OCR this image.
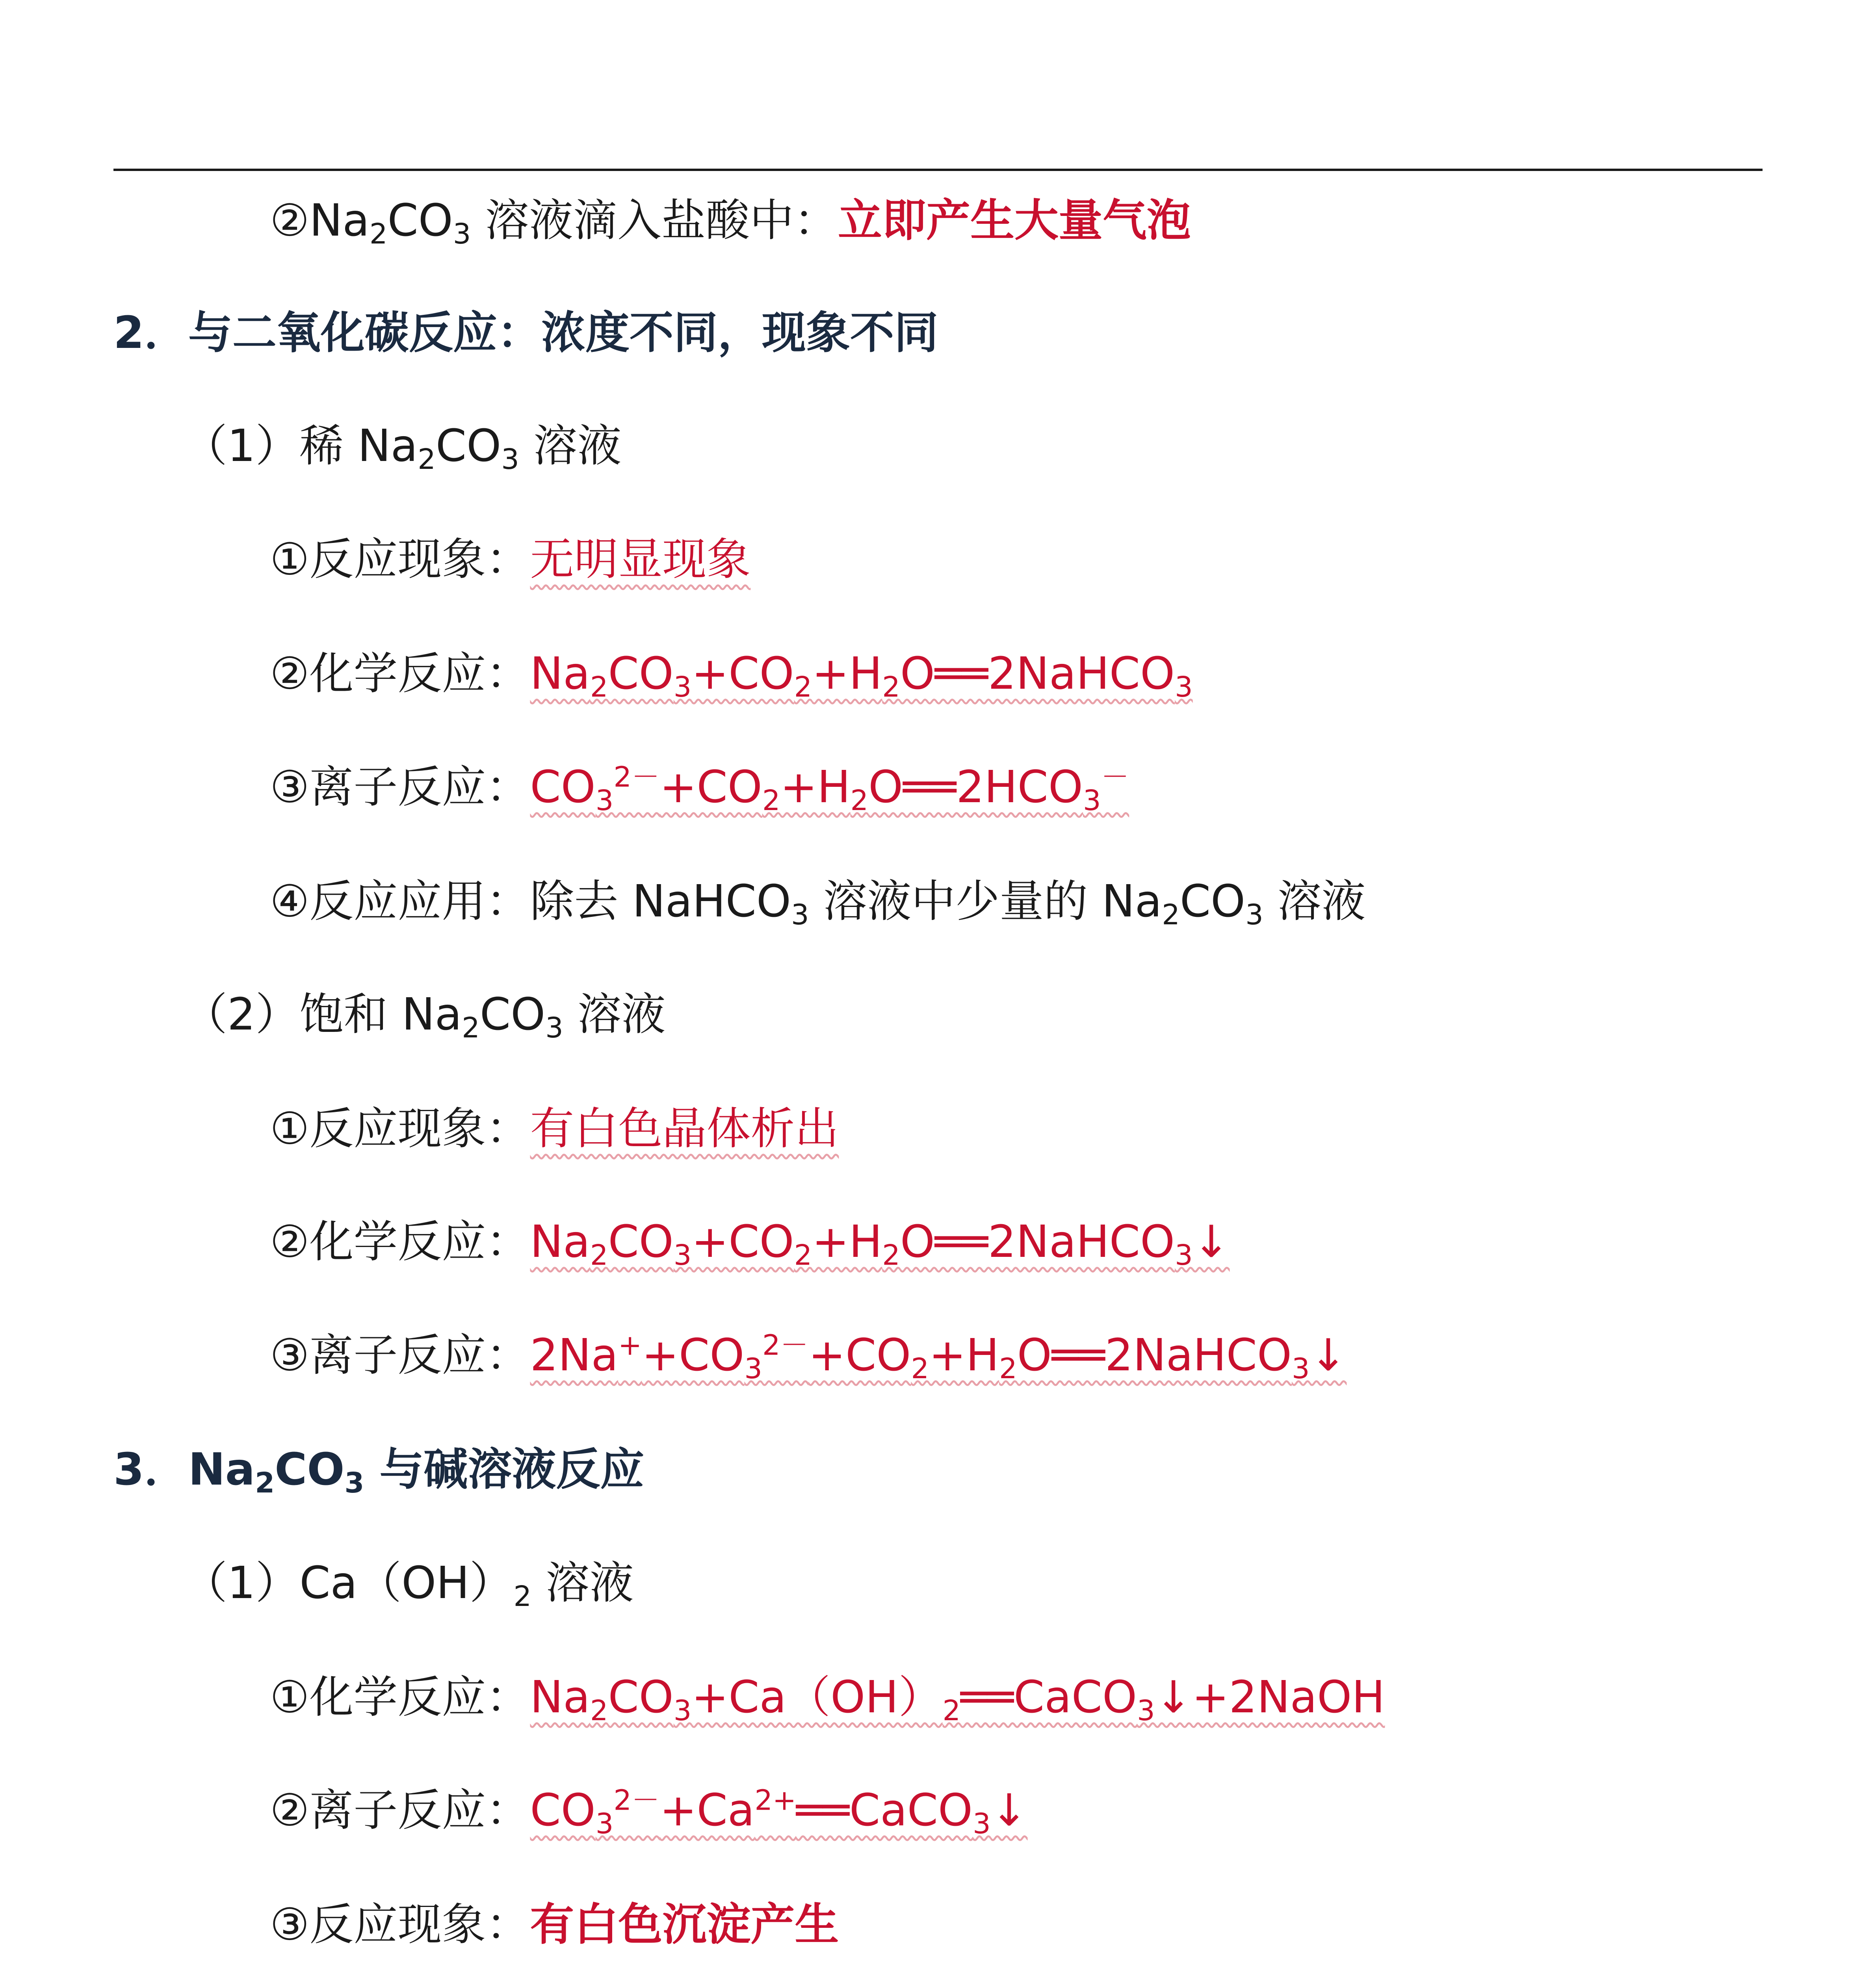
$②Na_2CO_3$ 溶液滴入盐酸中：立即产生大量气泡
2．与二氧化碳反应：浓度不同，现象不同
（1）稀 $Na_2CO_3$ 溶液
①反应现象：无明显现象
②化学反应：$Na_2CO_3+CO_2+H_2O══2NaHCO_3$
③离子反应：$CO_3^{2-}+CO_2+H_2O══2HCO_3^-$
④反应应用：除去 NaHCO$_3$ 溶液中少量的 $Na_2CO_3$ 溶液
（2）饱和 $Na_2CO_3$ 溶液
①反应现象：有白色晶体析出
②化学反应：$Na_2CO_3+CO_2+H_2O══2NaHCO_3↓$
③离子反应：$2Na^++CO_3^{2-}+CO_2+H_2O══2NaHCO_3↓$
3．$Na_2CO_3$ 与碱溶液反应
$(1)Ca(OH)_2$ 溶液
①化学反应：$Na_2CO_3+Ca(OH)_2══CaCO_3↓+2NaOH$
②离子反应：$CO_3^{2-}+Ca^{2+}══CaCO_3↓$
③反应现象：有白色沉淀产生
